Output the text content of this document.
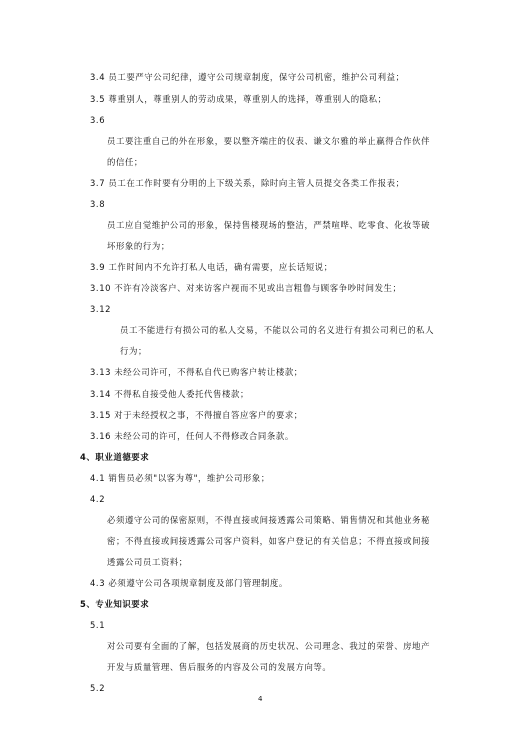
3.4 员工要严守公司纪律，遵守公司规章制度，保守公司机密，维护公司利益；
3.5 尊重别人，尊重别人的劳动成果，尊重别人的选择，尊重别人的隐私；
3.6
员工要注重自己的外在形象，要以整齐端庄的仪表、谦文尔雅的举止赢得合作伙伴
的信任；
3.7 员工在工作时要有分明的上下级关系，除时向主管人员提交各类工作报表；
3.8
员工应自觉维护公司的形象，保持售楼现场的整洁，严禁喧哗、吃零食、化妆等破
坏形象的行为；
3.9 工作时间内不允许打私人电话，确有需要，应长话短说；
3.10 不许有冷淡客户、对来访客户视而不见或出言粗鲁与顾客争吵时间发生；
3.12
员工不能进行有损公司的私人交易，不能以公司的名义进行有损公司利已的私人
行为；
3.13 未经公司许可，不得私自代已购客户转让楼款；
3.14 不得私自接受他人委托代售楼款；
3.15 对于未经授权之事，不得擅自答应客户的要求；
3.16 未经公司的许可，任何人不得修改合同条款。
4、职业道德要求
4.1 销售员必须"以客为尊"，维护公司形象；
4.2
必须遵守公司的保密原则，不得直接或间接透露公司策略、销售情况和其他业务秘
密；不得直接或间接透露公司客户资料，如客户登记的有关信息；不得直接或间接
透露公司员工资料；
4.3 必须遵守公司各项规章制度及部门管理制度。
5、专业知识要求
5.1
对公司要有全面的了解，包括发展商的历史状况、公司理念、我过的荣誉、房地产
开发与质量管理、售后服务的内容及公司的发展方向等。
5.2
4
